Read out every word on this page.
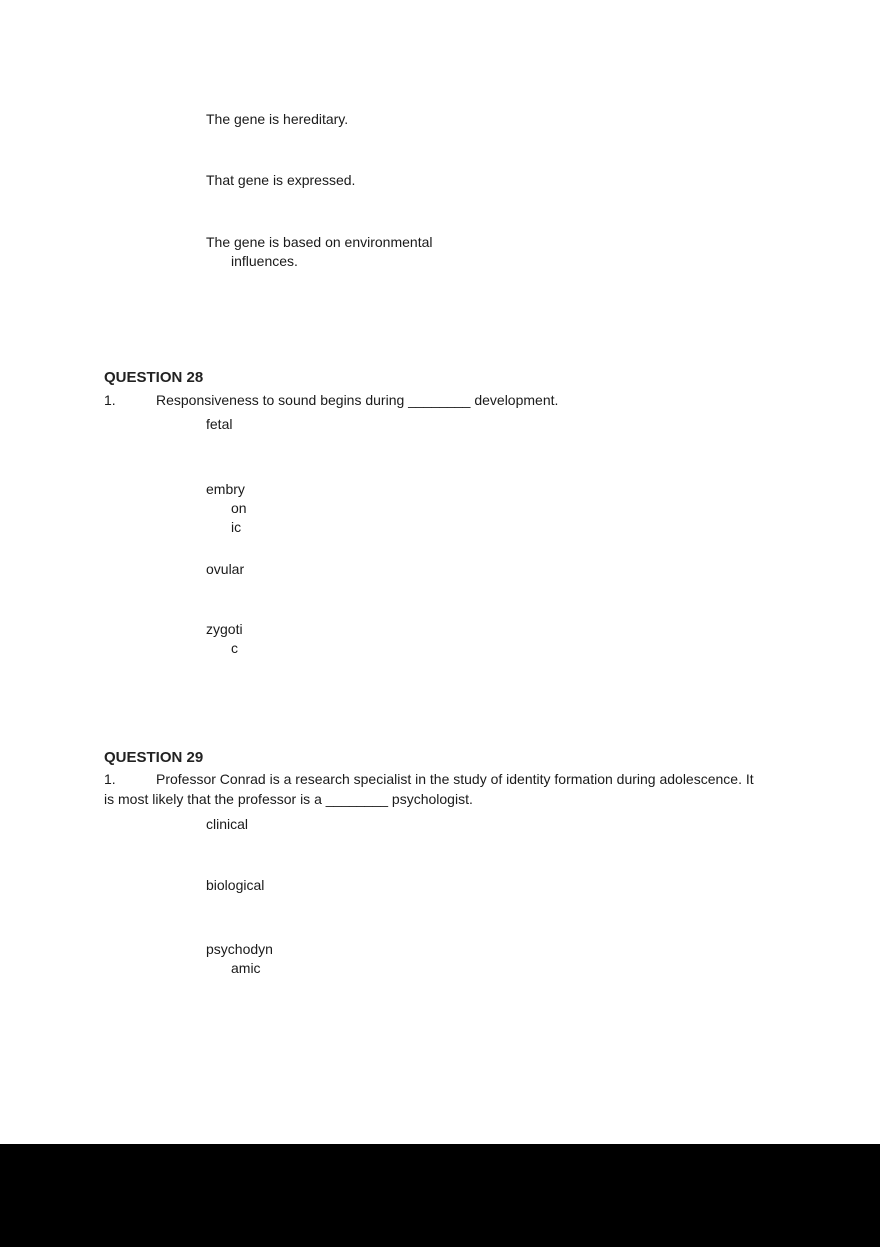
The gene is hereditary.
That gene is expressed.
The gene is based on environmental
influences.
QUESTION 28
1.	Responsiveness to sound begins during ________ development.
fetal
embry
on
ic
ovular
zygoti
c
QUESTION 29
1.	Professor Conrad is a research specialist in the study of identity formation during adolescence. It
is most likely that the professor is a ________ psychologist.
clinical
biological
psychodyn
amic
